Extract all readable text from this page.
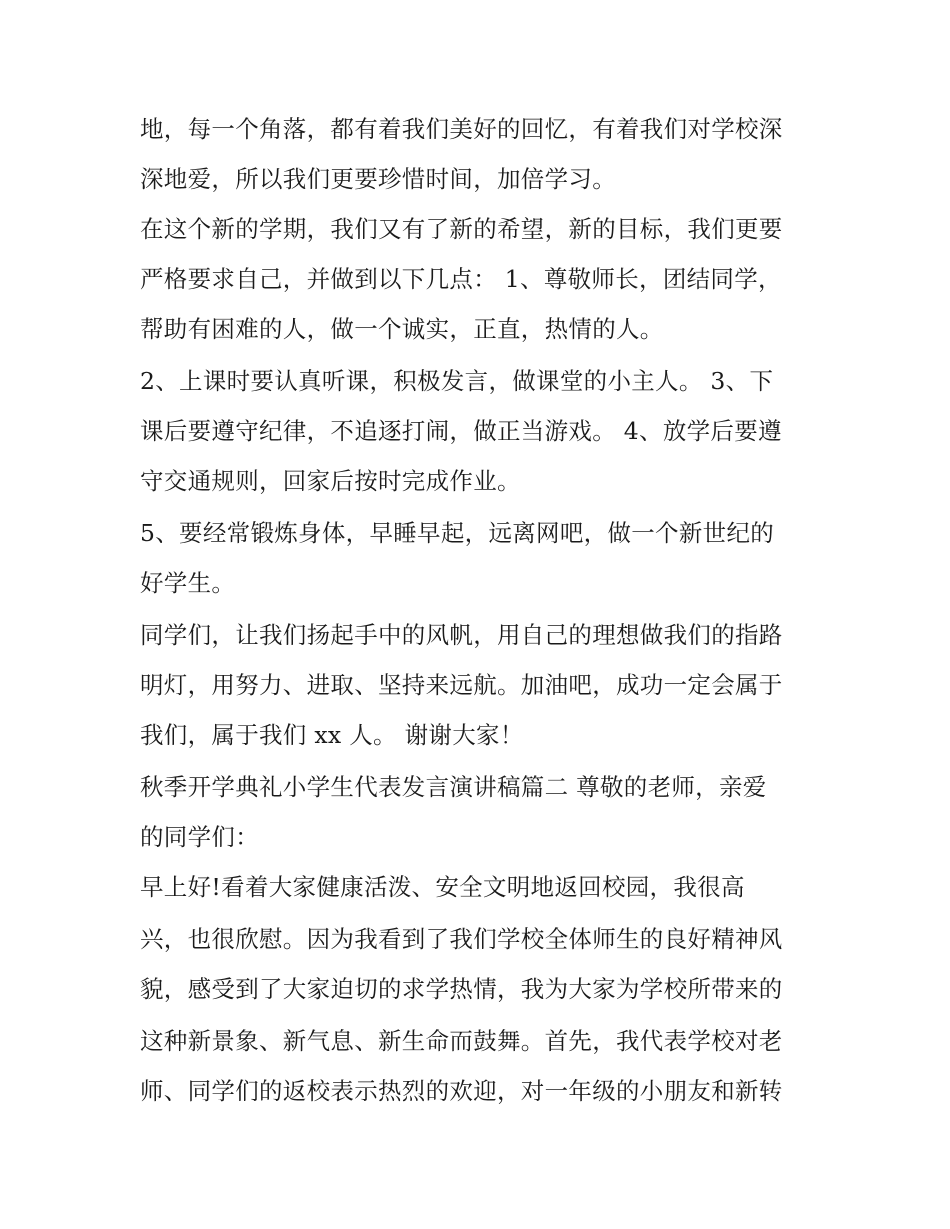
地，每一个角落，都有着我们美好的回忆，有着我们对学校深
深地爱，所以我们更要珍惜时间，加倍学习。
在这个新的学期，我们又有了新的希望，新的目标，我们更要
严格要求自己，并做到以下几点： 1、尊敬师长，团结同学，
帮助有困难的人，做一个诚实，正直，热情的人。
2、上课时要认真听课，积极发言，做课堂的小主人。 3、下
课后要遵守纪律，不追逐打闹，做正当游戏。 4、放学后要遵
守交通规则，回家后按时完成作业。
5、要经常锻炼身体，早睡早起，远离网吧，做一个新世纪的
好学生。
同学们，让我们扬起手中的风帆，用自己的理想做我们的指路
明灯，用努力、进取、坚持来远航。加油吧，成功一定会属于
我们，属于我们 xx 人。 谢谢大家！
秋季开学典礼小学生代表发言演讲稿篇二 尊敬的老师，亲爱
的同学们：
早上好!看着大家健康活泼、安全文明地返回校园，我很高
兴，也很欣慰。因为我看到了我们学校全体师生的良好精神风
貌，感受到了大家迫切的求学热情，我为大家为学校所带来的
这种新景象、新气息、新生命而鼓舞。首先，我代表学校对老
师、同学们的返校表示热烈的欢迎，对一年级的小朋友和新转
